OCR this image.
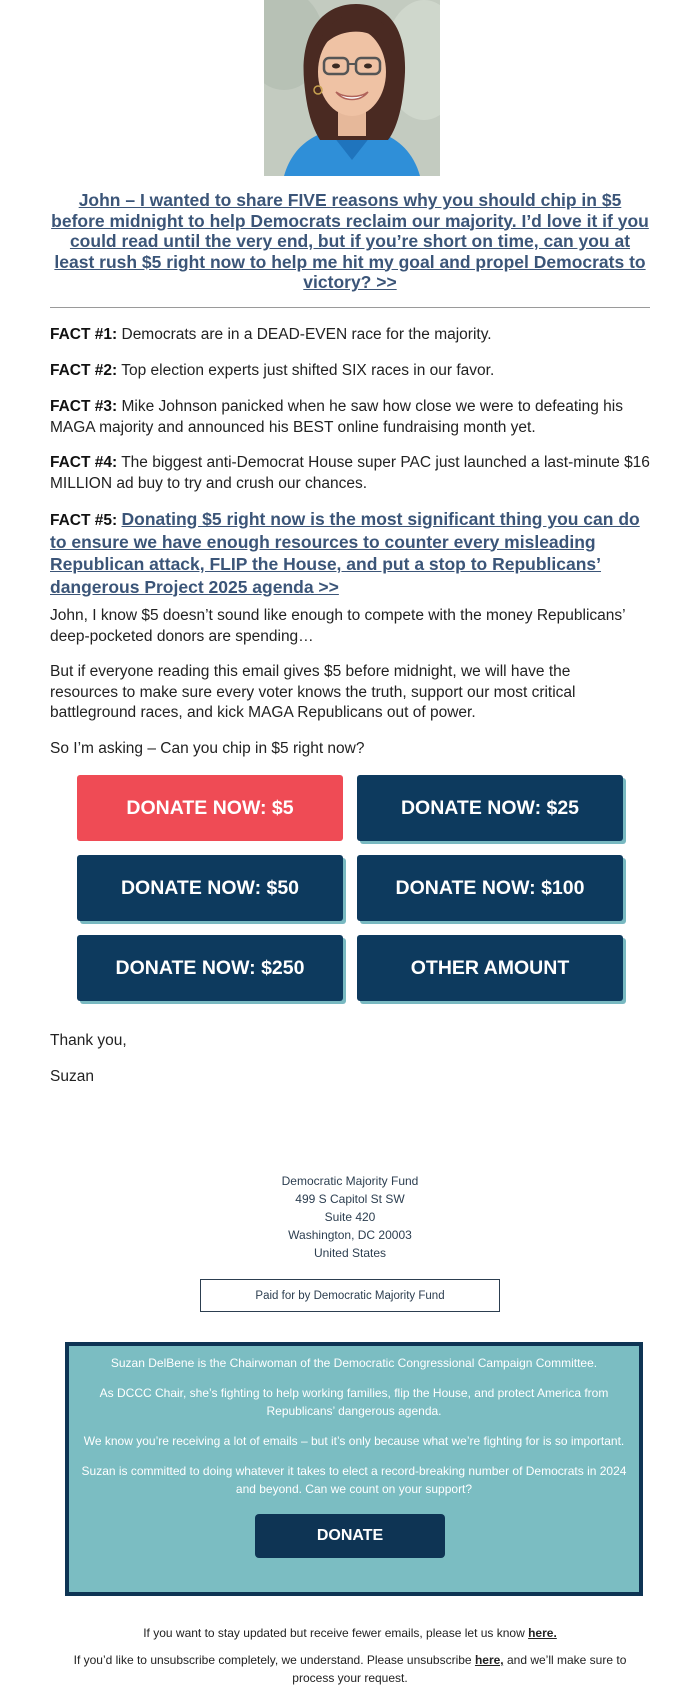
John – I wanted to share FIVE reasons why you should chip in $5 before midnight to help Democrats reclaim our majority. I’d love it if you could read until the very end, but if you’re short on time, can you at least rush $5 right now to help me hit my goal and propel Democrats to victory? >>
FACT #1: Democrats are in a DEAD-EVEN race for the majority.
FACT #2: Top election experts just shifted SIX races in our favor.
FACT #3: Mike Johnson panicked when he saw how close we were to defeating his MAGA majority and announced his BEST online fundraising month yet.
FACT #4: The biggest anti-Democrat House super PAC just launched a last-minute $16 MILLION ad buy to try and crush our chances.
FACT #5: Donating $5 right now is the most significant thing you can do to ensure we have enough resources to counter every misleading Republican attack, FLIP the House, and put a stop to Republicans’ dangerous Project 2025 agenda >>
John, I know $5 doesn’t sound like enough to compete with the money Republicans’ deep-pocketed donors are spending…
But if everyone reading this email gives $5 before midnight, we will have the resources to make sure every voter knows the truth, support our most critical battleground races, and kick MAGA Republicans out of power.
So I’m asking – Can you chip in $5 right now?
DONATE NOW: $5	DONATE NOW: $25
DONATE NOW: $50	DONATE NOW: $100
DONATE NOW: $250	OTHER AMOUNT
Thank you,
Suzan
Democratic Majority Fund
499 S Capitol St SW
Suite 420
Washington, DC 20003
United States
Paid for by Democratic Majority Fund
Suzan DelBene is the Chairwoman of the Democratic Congressional Campaign Committee.
As DCCC Chair, she’s fighting to help working families, flip the House, and protect America from Republicans’ dangerous agenda.
We know you’re receiving a lot of emails – but it’s only because what we’re fighting for is so important.
Suzan is committed to doing whatever it takes to elect a record-breaking number of Democrats in 2024 and beyond. Can we count on your support?
DONATE
If you want to stay updated but receive fewer emails, please let us know here.
If you’d like to unsubscribe completely, we understand. Please unsubscribe here, and we’ll make sure to process your request.
